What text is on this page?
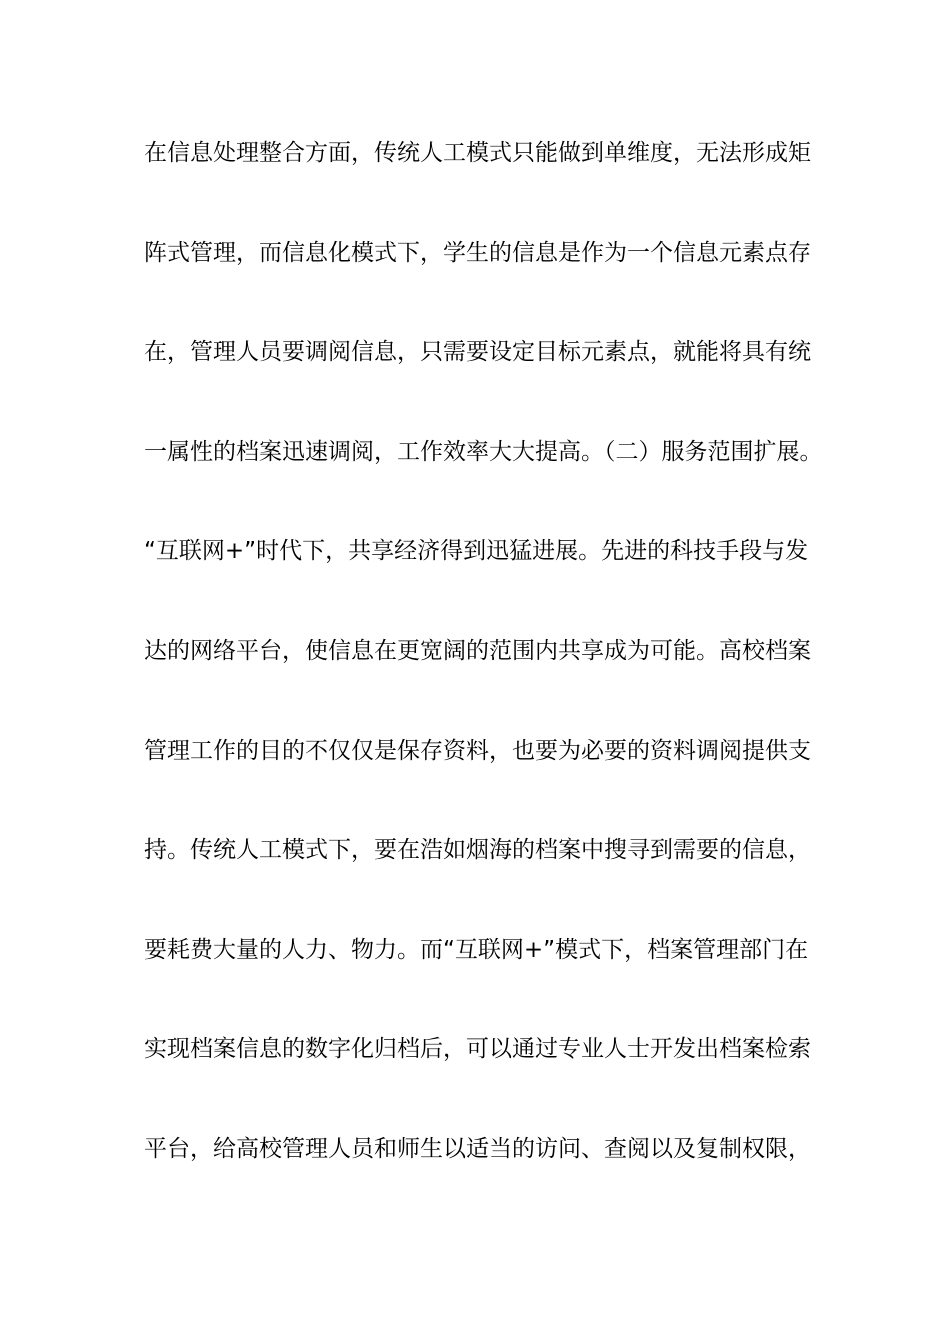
在信息处理整合方面，传统人工模式只能做到单维度，无法形成矩
阵式管理，而信息化模式下，学生的信息是作为一个信息元素点存
在，管理人员要调阅信息，只需要设定目标元素点，就能将具有统
一属性的档案迅速调阅，工作效率大大提高。（二）服务范围扩展。
“互联网+”时代下，共享经济得到迅猛进展。先进的科技手段与发
达的网络平台，使信息在更宽阔的范围内共享成为可能。高校档案
管理工作的目的不仅仅是保存资料，也要为必要的资料调阅提供支
持。传统人工模式下，要在浩如烟海的档案中搜寻到需要的信息，
要耗费大量的人力、物力。而“互联网+”模式下，档案管理部门在
实现档案信息的数字化归档后，可以通过专业人士开发出档案检索
平台，给高校管理人员和师生以适当的访问、查阅以及复制权限，
